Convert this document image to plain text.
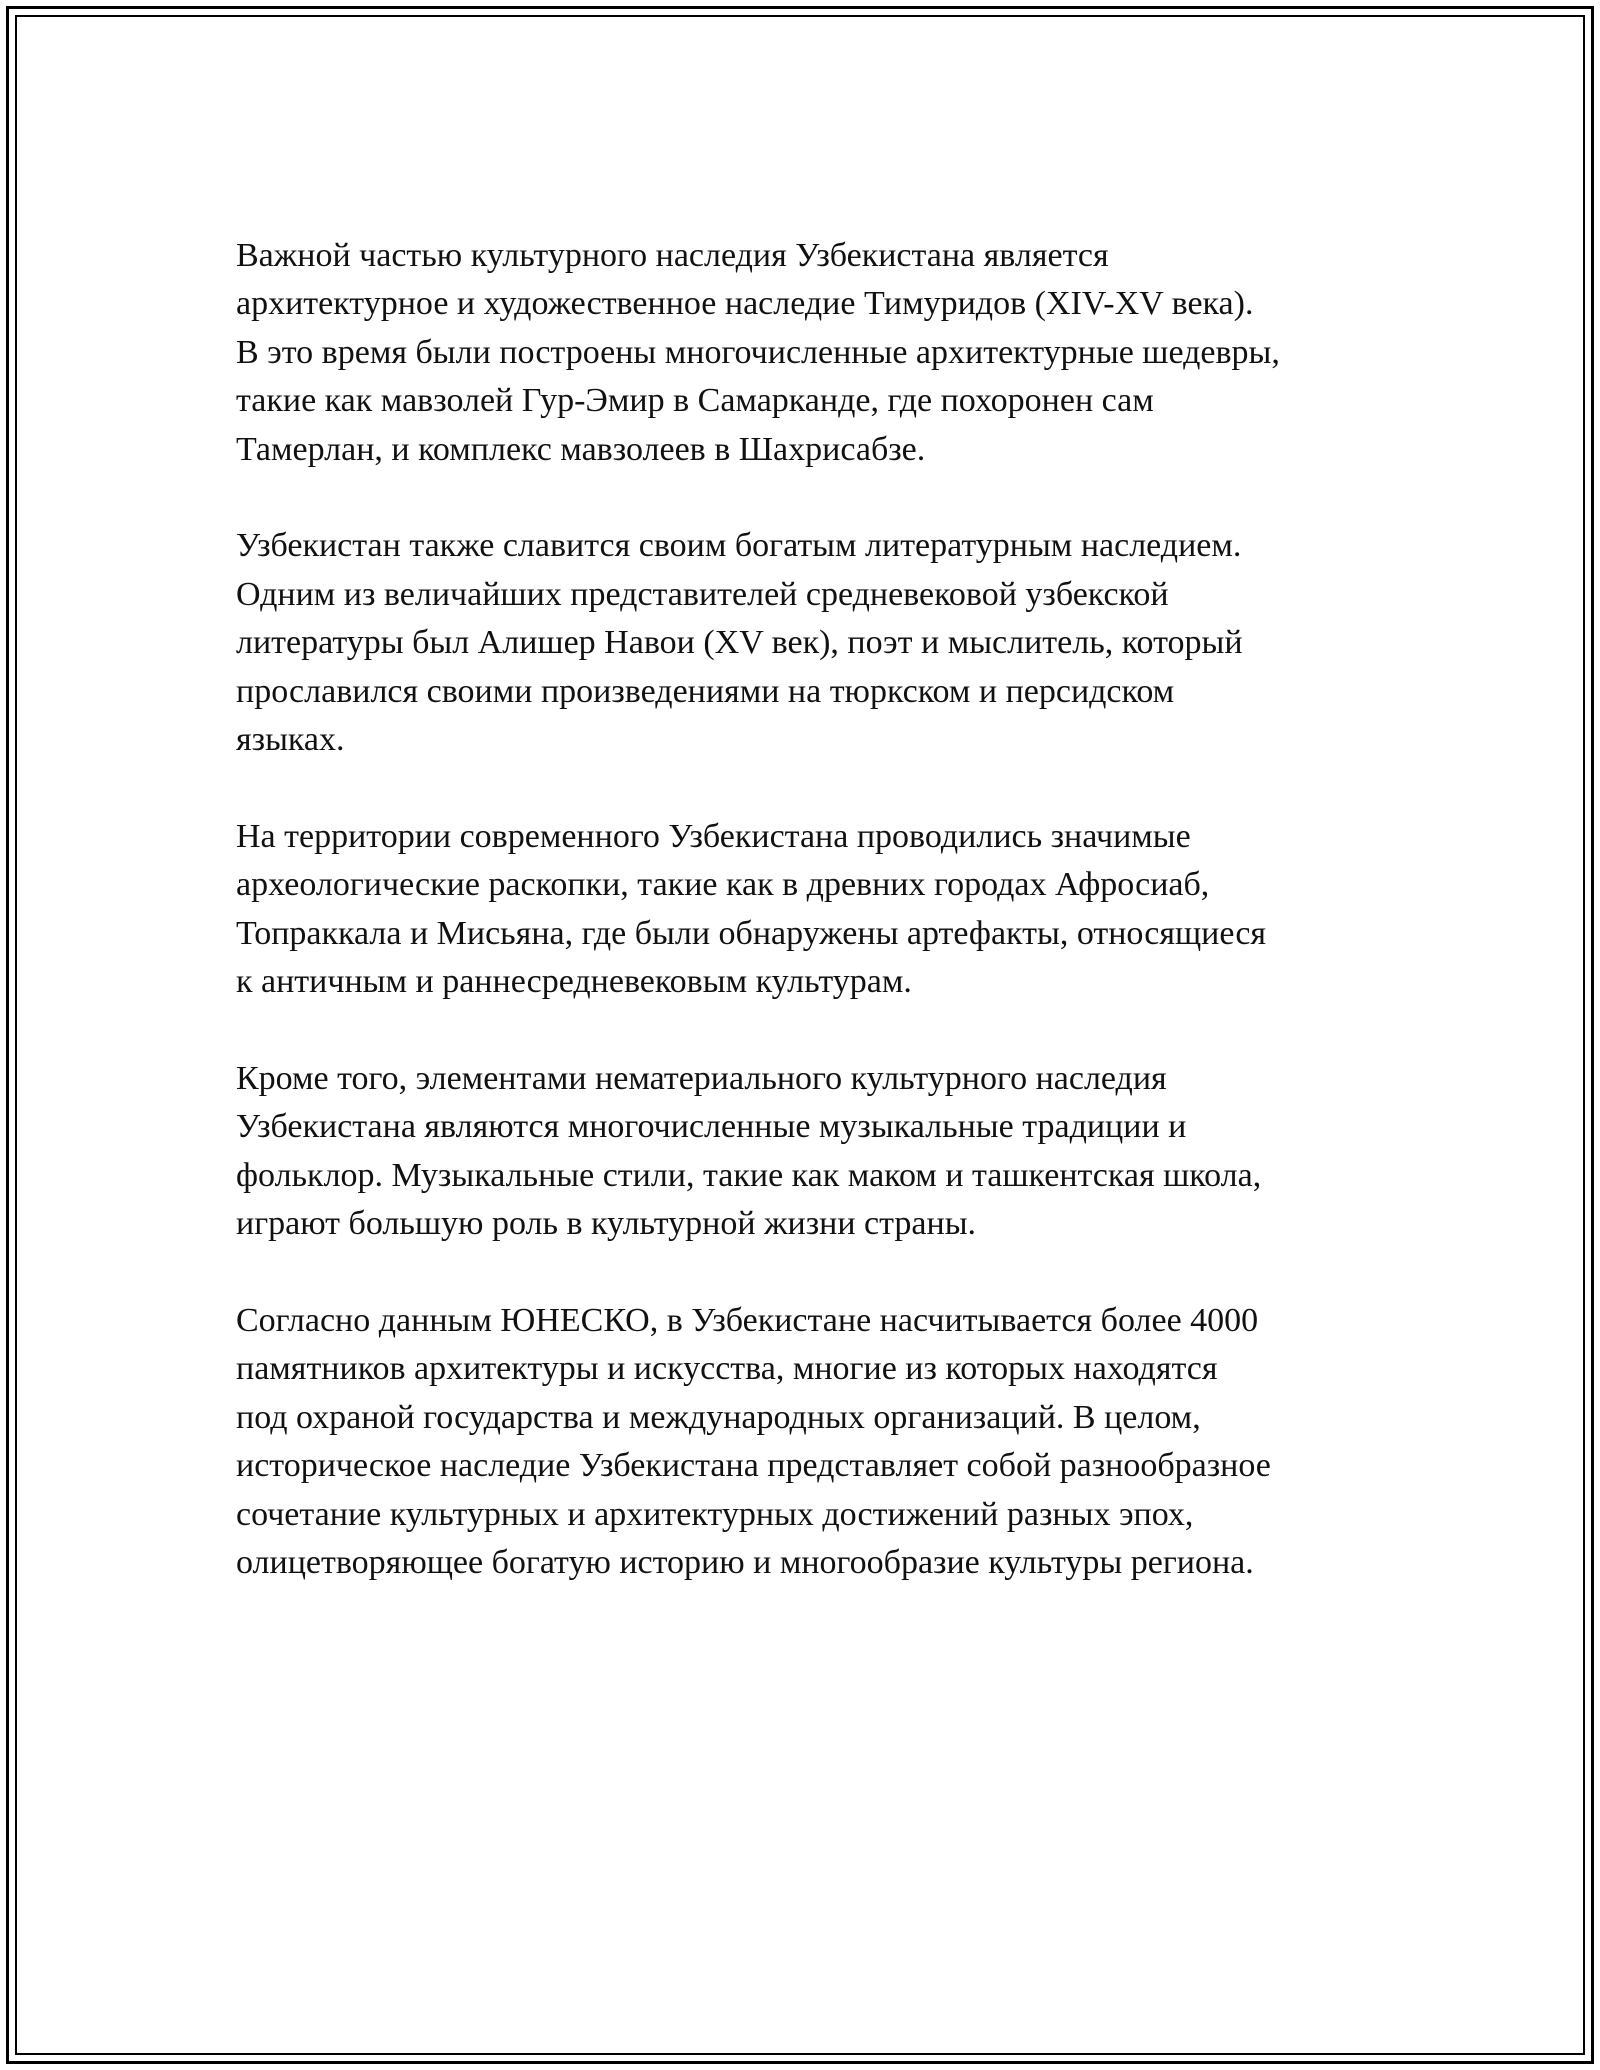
Важной частью культурного наследия Узбекистана является
архитектурное и художественное наследие Тимуридов (XIV-XV века).
В это время были построены многочисленные архитектурные шедевры,
такие как мавзолей Гур-Эмир в Самарканде, где похоронен сам
Тамерлан, и комплекс мавзолеев в Шахрисабзе.

Узбекистан также славится своим богатым литературным наследием.
Одним из величайших представителей средневековой узбекской
литературы был Алишер Навои (XV век), поэт и мыслитель, который
прославился своими произведениями на тюркском и персидском
языках.

На территории современного Узбекистана проводились значимые
археологические раскопки, такие как в древних городах Афросиаб,
Топраккала и Мисьяна, где были обнаружены артефакты, относящиеся
к античным и раннесредневековым культурам.

Кроме того, элементами нематериального культурного наследия
Узбекистана являются многочисленные музыкальные традиции и
фольклор. Музыкальные стили, такие как маком и ташкентская школа,
играют большую роль в культурной жизни страны.

Согласно данным ЮНЕСКО, в Узбекистане насчитывается более 4000
памятников архитектуры и искусства, многие из которых находятся
под охраной государства и международных организаций. В целом,
историческое наследие Узбекистана представляет собой разнообразное
сочетание культурных и архитектурных достижений разных эпох,
олицетворяющее богатую историю и многообразие культуры региона.
